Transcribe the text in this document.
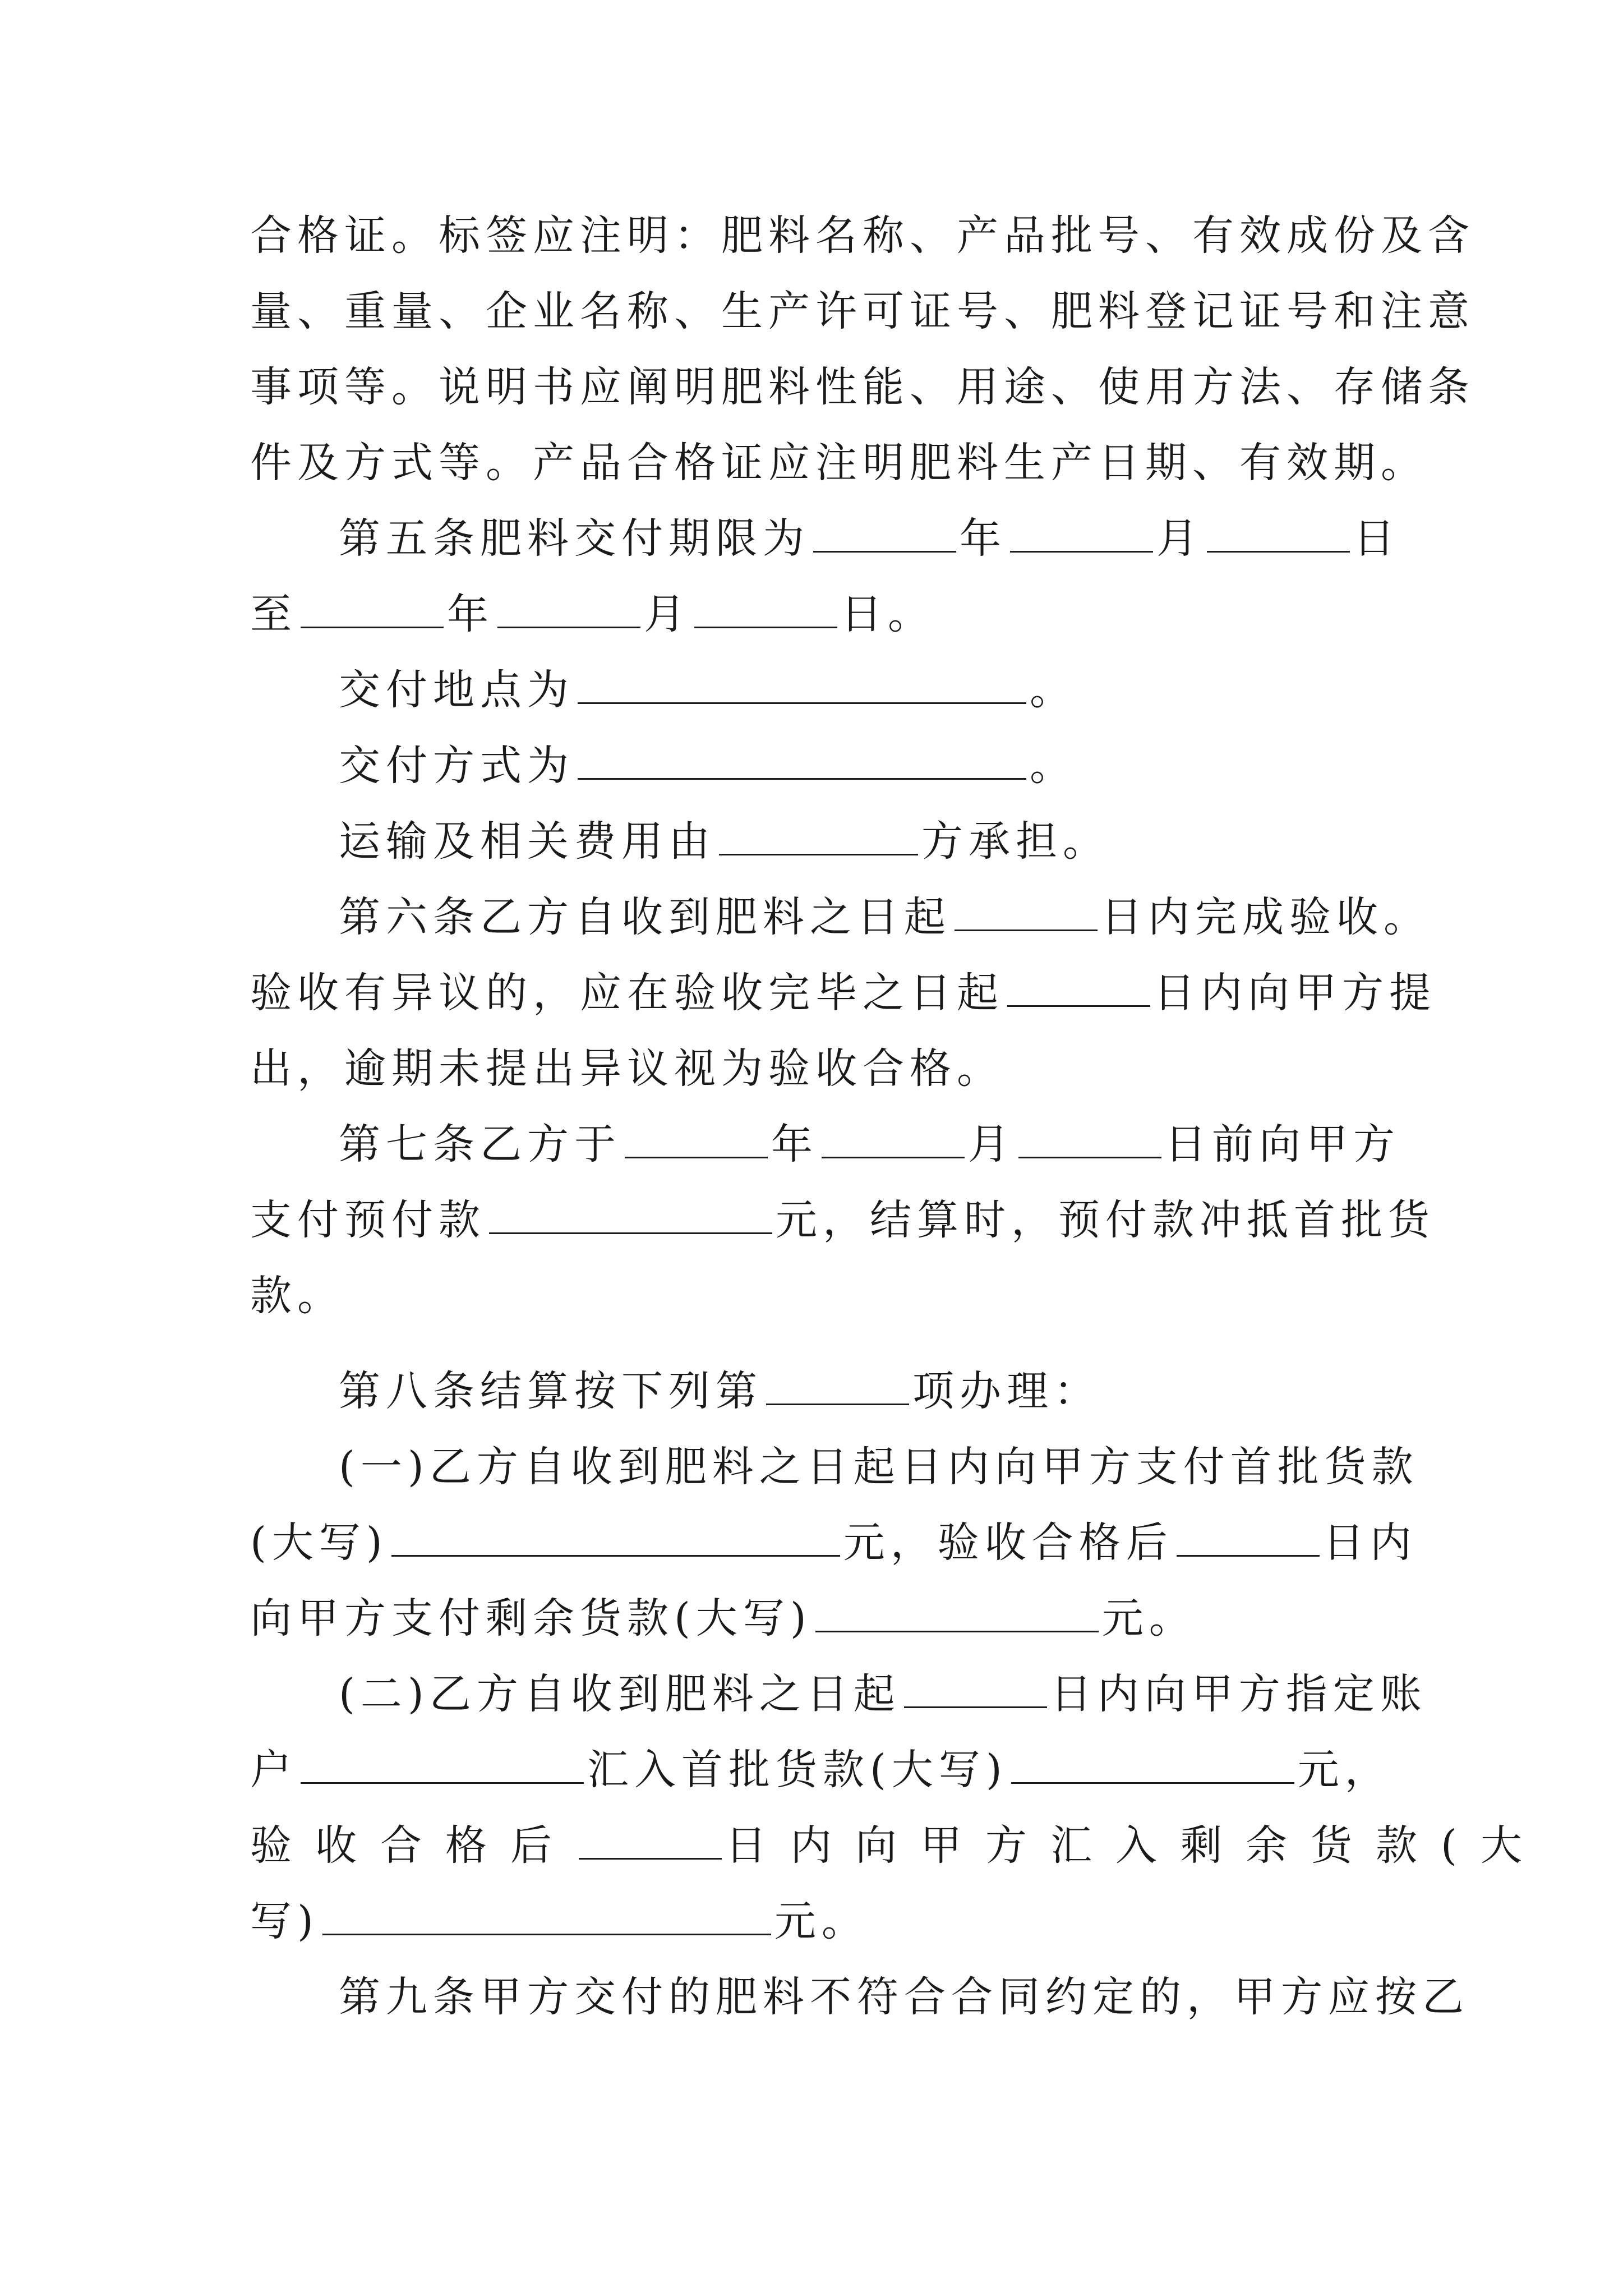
合格证。标签应注明：肥料名称、产品批号、有效成份及含
量、重量、企业名称、生产许可证号、肥料登记证号和注意
事项等。说明书应阐明肥料性能、用途、使用方法、存储条
件及方式等。产品合格证应注明肥料生产日期、有效期。
第五条肥料交付期限为	年	月	日
至	年	月	日。
交付地点为	。
交付方式为	。
运输及相关费用由	方承担。
第六条乙方自收到肥料之日起	日内完成验收。
验收有异议的，应在验收完毕之日起	日内向甲方提
出，逾期未提出异议视为验收合格。
第七条乙方于	年	月	日前向甲方
支付预付款	元，结算时，预付款冲抵首批货
款。
第八条结算按下列第	项办理：
(一)乙方自收到肥料之日起日内向甲方支付首批货款
(大写)	元，验收合格后	日内
向甲方支付剩余货款(大写)	元。
(二)乙方自收到肥料之日起	日内向甲方指定账
户	汇入首批货款(大写)	元，
验收合格后	日内向甲方汇入剩余货款(大
写)	元。
第九条甲方交付的肥料不符合合同约定的，甲方应按乙
